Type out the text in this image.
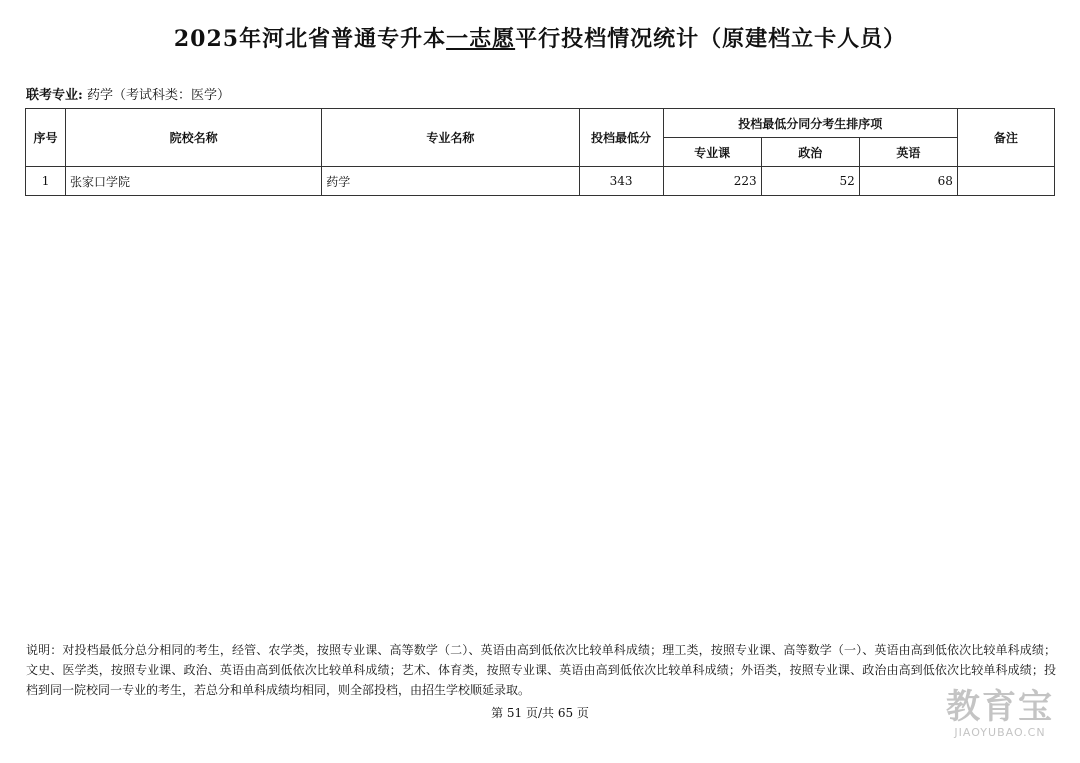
2025年河北省普通专升本一志愿平行投档情况统计（原建档立卡人员）
联考专业: 药学（考试科类：医学）
序号	院校名称	专业名称	投档最低分	投档最低分同分考生排序项			备注
				专业课	政治	英语	
1	张家口学院	药学	343	223	52	68	
说明：对投档最低分总分相同的考生，经管、农学类，按照专业课、高等数学（二）、英语由高到低依次比较单科成绩；理工类，按照专业课、高等数学（一）、英语由高到低依次比较单科成绩；文史、医学类，按照专业课、政治、英语由高到低依次比较单科成绩；艺术、体育类，按照专业课、英语由高到低依次比较单科成绩；外语类，按照专业课、政治由高到低依次比较单科成绩；投档到同一院校同一专业的考生，若总分和单科成绩均相同，则全部投档，由招生学校顺延录取。
第 51 页/共 65 页	教育宝
JIAOYUBAO.CN
